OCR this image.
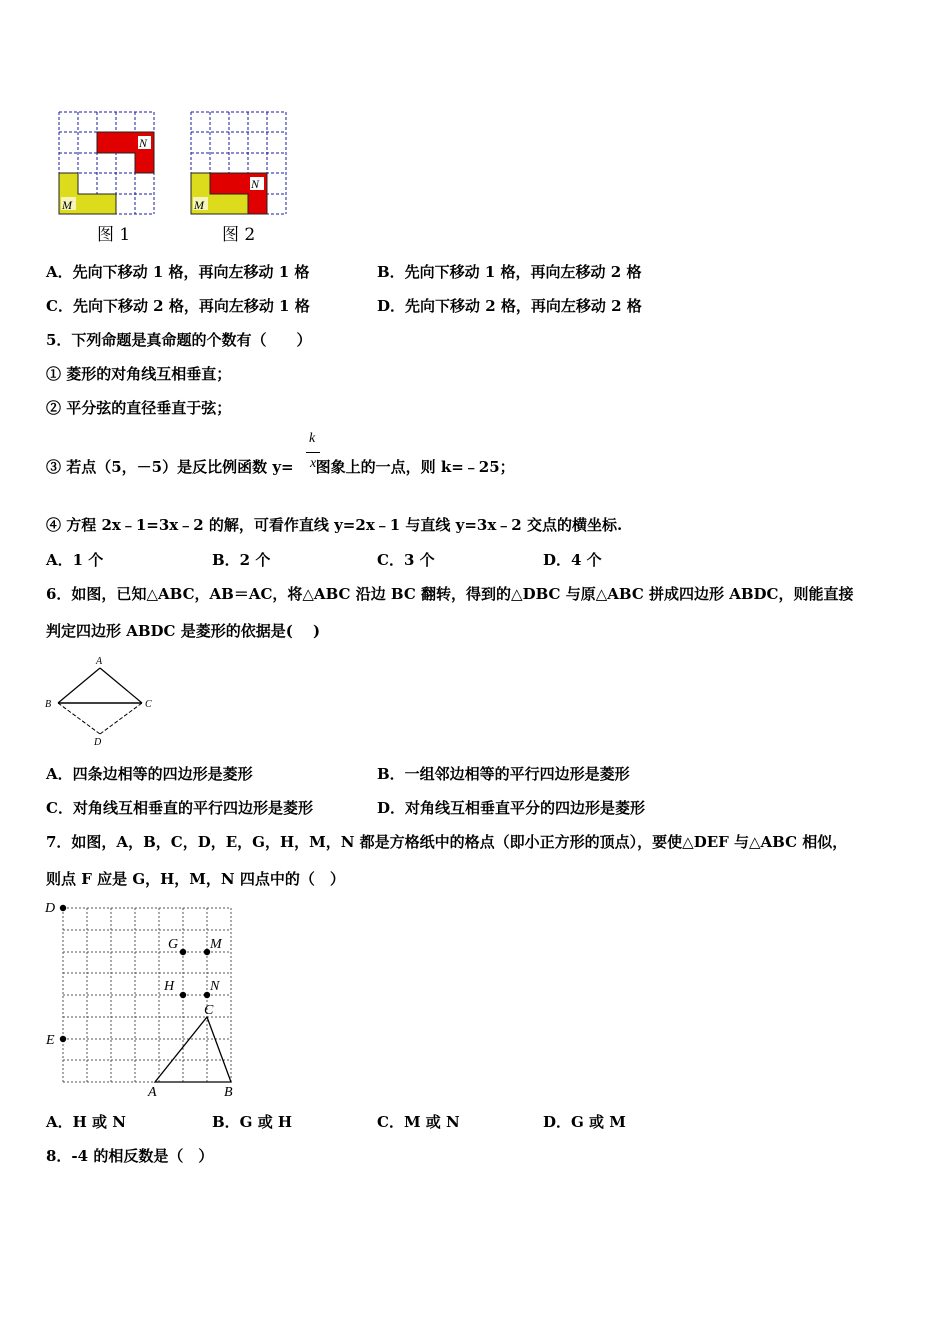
N
M
图 1
N
M
图 2
A．先向下移动 1 格，再向左移动 1 格	B．先向下移动 1 格，再向左移动 2 格
C．先向下移动 2 格，再向左移动 1 格	D．先向下移动 2 格，再向左移动 2 格
5．下列命题是真命题的个数有（　　）
① 菱形的对角线互相垂直；
② 平分弦的直径垂直于弦；
③ 若点（5，－5）是反比例函数 y= 图象上的一点，则 k=﹣25；
k
x
④ 方程 2x﹣1=3x﹣2 的解，可看作直线 y=2x﹣1 与直线 y=3x﹣2 交点的横坐标.
A．1 个	B．2 个	C．3 个	D．4 个
6．如图，已知△ABC，AB＝AC，将△ABC 沿边 BC 翻转，得到的△DBC 与原△ABC 拼成四边形 ABDC，则能直接
判定四边形 ABDC 是菱形的依据是(　 )
A
B	C
D
A．四条边相等的四边形是菱形	B．一组邻边相等的平行四边形是菱形
C．对角线互相垂直的平行四边形是菱形	D．对角线互相垂直平分的四边形是菱形
7．如图，A，B，C，D，E，G，H，M，N 都是方格纸中的格点（即小正方形的顶点），要使△DEF 与△ABC 相似，
则点 F 应是 G，H，M，N 四点中的（　）
D
E
G M
H	N
C
A	B
A．H 或 N	B．G 或 H	C．M 或 N	D．G 或 M
8．-4 的相反数是（　）
